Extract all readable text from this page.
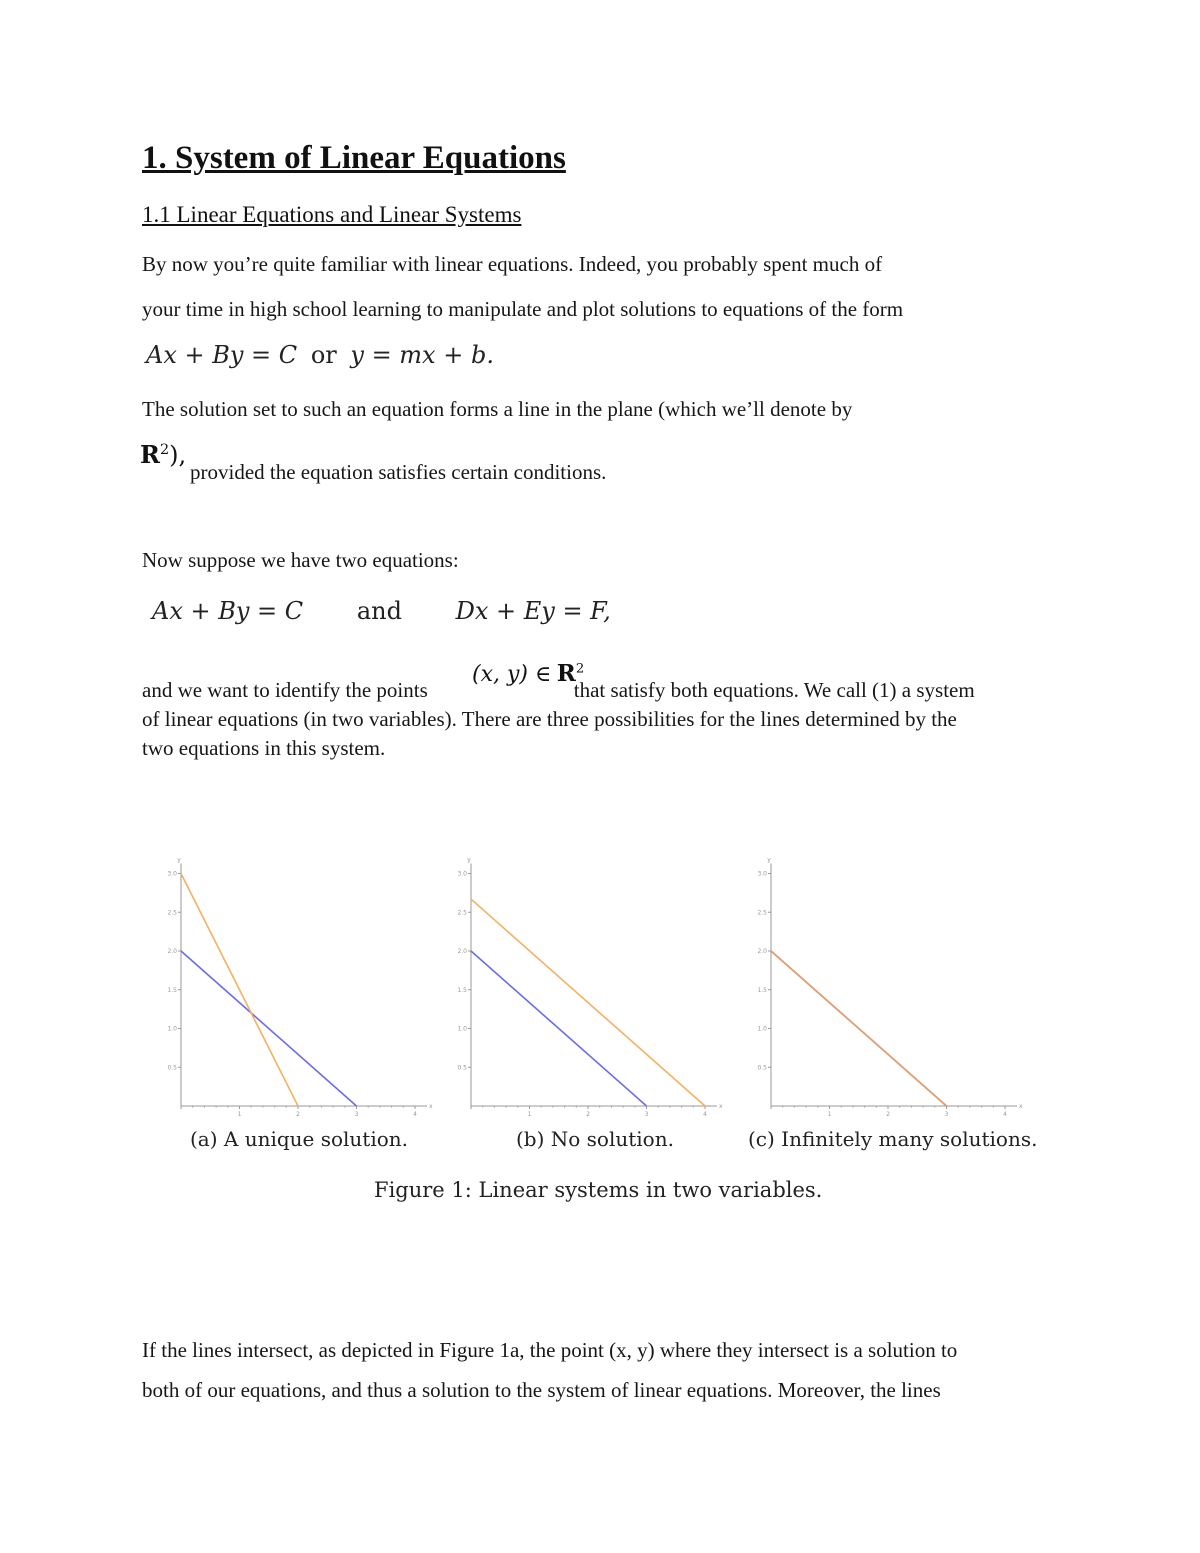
1. System of Linear Equations
1.1 Linear Equations and Linear Systems
By now you’re quite familiar with linear equations. Indeed, you probably spent much of
your time in high school learning to manipulate and plot solutions to equations of the form
Ax + By = C or y = mx + b.
The solution set to such an equation forms a line in the plane (which we’ll denote by
$R^2$),
provided the equation satisfies certain conditions.
Now suppose we have two equations:
Ax + By = C and Dx + Ey = F,
(x, y) ∈ $R^2$
and we want to identify the points	that satisfy both equations. We call (1) a system
of linear equations (in two variables). There are three possibilities for the lines determined by the
two equations in this system.
1	2	3	4
x
0.5
1.0
1.5
2.0
2.5
3.0
y
1	2	3	4
x
0.5
1.0
1.5
2.0
2.5
3.0
y
1	2	3	4
x
0.5
1.0
1.5
2.0
2.5
3.0
y
(a) A unique solution.	(b) No solution.	(c) Infinitely many solutions.
Figure 1: Linear systems in two variables.
If the lines intersect, as depicted in Figure 1a, the point (x, y) where they intersect is a solution to
both of our equations, and thus a solution to the system of linear equations. Moreover, the lines
